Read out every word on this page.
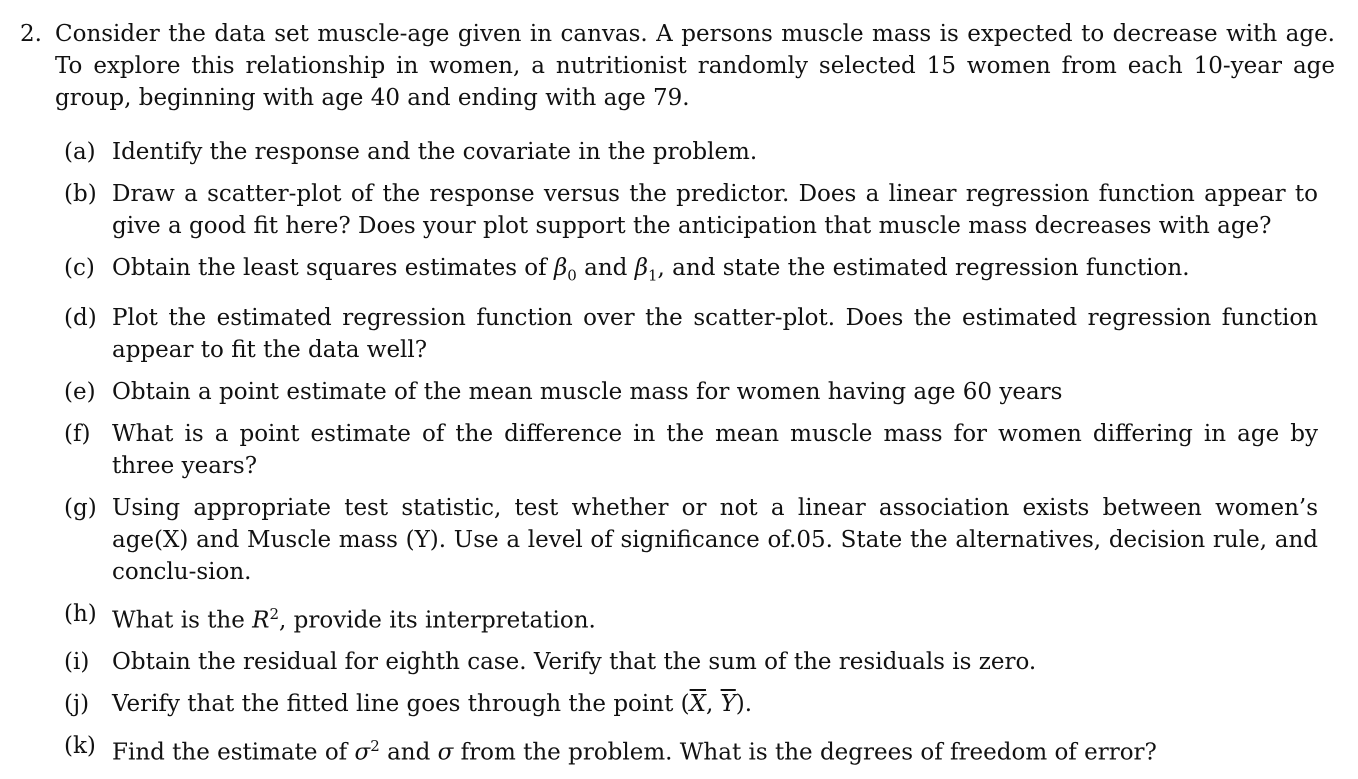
2. Consider the data set muscle-age given in canvas. A persons muscle mass is expected to decrease with age. To explore this relationship in women, a nutritionist randomly selected 15 women from each 10-year age group, beginning with age 40 and ending with age 79.
(a) Identify the response and the covariate in the problem.
(b) Draw a scatter-plot of the response versus the predictor. Does a linear regression function appear to give a good fit here? Does your plot support the anticipation that muscle mass decreases with age?
(c) Obtain the least squares estimates of $\beta_0$ and $\beta_1$, and state the estimated regression function.
(d) Plot the estimated regression function over the scatter-plot. Does the estimated regression function appear to fit the data well?
(e) Obtain a point estimate of the mean muscle mass for women having age 60 years
(f) What is a point estimate of the difference in the mean muscle mass for women differing in age by three years?
(g) Using appropriate test statistic, test whether or not a linear association exists between women’s age(X) and Muscle mass (Y). Use a level of significance of.05. State the alternatives, decision rule, and conclu-sion.
(h) What is the $R^2$, provide its interpretation.
(i) Obtain the residual for eighth case. Verify that the sum of the residuals is zero.
(j) Verify that the fitted line goes through the point ($\overline{X}$, $\overline{Y}$).
(k) Find the estimate of $\sigma^2$ and σ from the problem. What is the degrees of freedom of error?
